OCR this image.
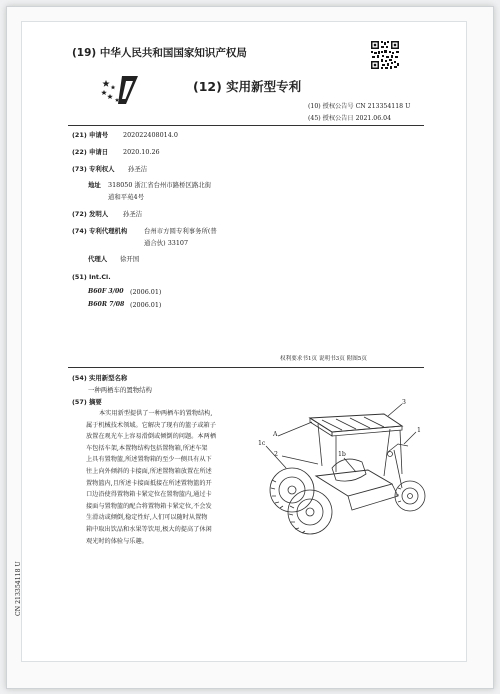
(19) 中华人民共和国国家知识产权局
(12) 实用新型专利
(10) 授权公告号 CN 213354118 U
(45) 授权公告日 2021.06.04
(21) 申请号 202022408014.0
(22) 申请日 2020.10.26
(73) 专利权人 孙圣洁
地址 318050 浙江省台州市路桥区路北街
道和平苑4号
(72) 发明人 孙圣洁
(74) 专利代理机构	台州市方圆专利事务所(普
通合伙) 33107
代理人 徐开国
(51) Int.Cl.
B60F 3/00 (2006.01)
B60R 7/08 (2006.01)
权利要求书1页 说明书3页 附图5页
(54) 实用新型名称
一种两栖车的置物结构
(57) 摘要
本实用新型提供了一种两栖车的置物结构,
属于机械技术领域。它解决了现有的篮子或箱子
放置在观光车上容易滑倒或倾倒的问题。本两栖
车包括车架,本置物结构包括置物箱,所述车架
上具有置物篮,所述置物箱的至少一侧具有从下
往上向外倾斜的卡接面,所述置物箱放置在所述
置物篮内,且所述卡接面抵接在所述置物篮的开
口边沿使得置物箱卡紧定位在置物篮内,通过卡
接面与置物篮的配合将置物箱卡紧定位,不会发
生滑动或倾倒,稳定性好,人们可以随时从置物
箱中取出饮品和水果等饮用,极大的提高了休闲
观光时的体验与乐趣。
1c
A
2
3
1
1b
CN 213354118 U
